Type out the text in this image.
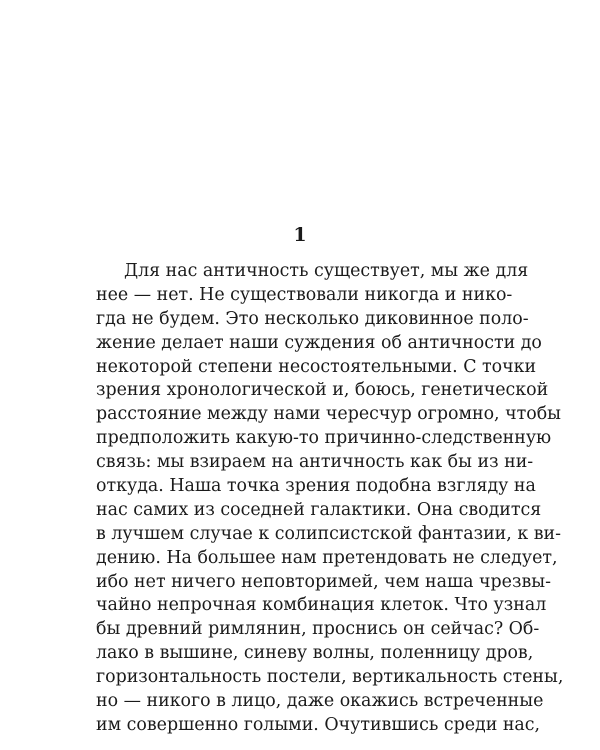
1
Для нас античность существует, мы же для
нее — нет. Не существовали никогда и нико-
гда не будем. Это несколько диковинное поло-
жение делает наши суждения об античности до
некоторой степени несостоятельными. С точки
зрения хронологической и, боюсь, генетической
расстояние между нами чересчур огромно, чтобы
предположить какую-то причинно-следственную
связь: мы взираем на античность как бы из ни-
откуда. Наша точка зрения подобна взгляду на
нас самих из соседней галактики. Она сводится
в лучшем случае к солипсистской фантазии, к ви-
дению. На большее нам претендовать не следует,
ибо нет ничего неповторимей, чем наша чрезвы-
чайно непрочная комбинация клеток. Что узнал
бы древний римлянин, проснись он сейчас? Об-
лако в вышине, синеву волны, поленницу дров,
горизонтальность постели, вертикальность стены,
но — никого в лицо, даже окажись встреченные
им совершенно голыми. Очутившись среди нас,
